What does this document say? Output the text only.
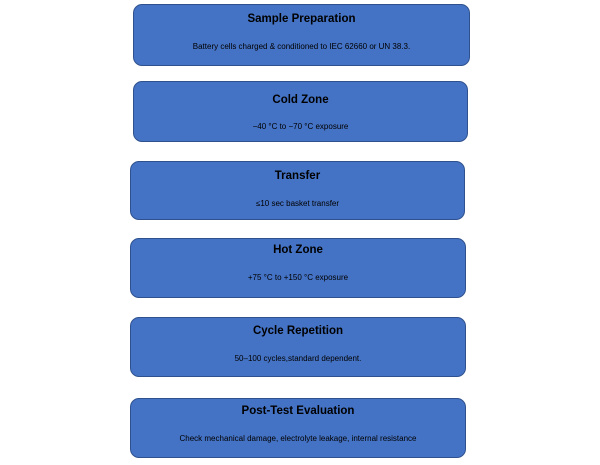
Sample Preparation
Battery cells charged & conditioned to IEC 62660 or UN 38.3.
Cold Zone
−40 °C to −70 °C exposure
Transfer
≤10 sec basket transfer
Hot Zone
+75 °C to +150 °C exposure
Cycle Repetition
50–100 cycles,standard dependent.
Post-Test Evaluation
Check mechanical damage, electrolyte leakage, internal resistance
